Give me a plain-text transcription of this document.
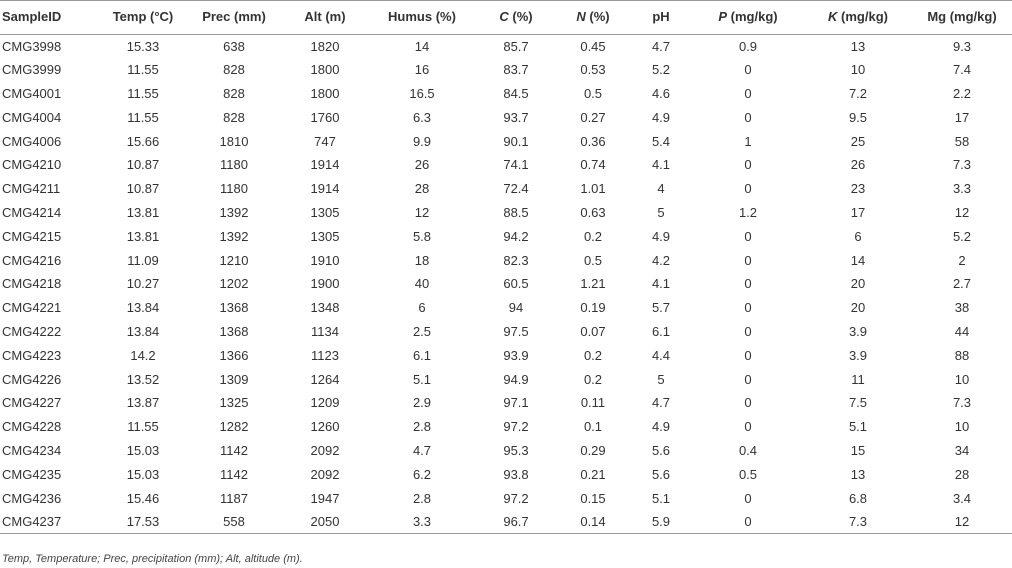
SampleID	Temp (°C)	Prec (mm)	Alt (m)	Humus (%)	C (%)	N (%)	pH	P (mg/kg)	K (mg/kg)	Mg (mg/kg)
CMG3998	15.33	638	1820	14	85.7	0.45	4.7	0.9	13	9.3
CMG3999	11.55	828	1800	16	83.7	0.53	5.2	0	10	7.4
CMG4001	11.55	828	1800	16.5	84.5	0.5	4.6	0	7.2	2.2
CMG4004	11.55	828	1760	6.3	93.7	0.27	4.9	0	9.5	17
CMG4006	15.66	1810	747	9.9	90.1	0.36	5.4	1	25	58
CMG4210	10.87	1180	1914	26	74.1	0.74	4.1	0	26	7.3
CMG4211	10.87	1180	1914	28	72.4	1.01	4	0	23	3.3
CMG4214	13.81	1392	1305	12	88.5	0.63	5	1.2	17	12
CMG4215	13.81	1392	1305	5.8	94.2	0.2	4.9	0	6	5.2
CMG4216	11.09	1210	1910	18	82.3	0.5	4.2	0	14	2
CMG4218	10.27	1202	1900	40	60.5	1.21	4.1	0	20	2.7
CMG4221	13.84	1368	1348	6	94	0.19	5.7	0	20	38
CMG4222	13.84	1368	1134	2.5	97.5	0.07	6.1	0	3.9	44
CMG4223	14.2	1366	1123	6.1	93.9	0.2	4.4	0	3.9	88
CMG4226	13.52	1309	1264	5.1	94.9	0.2	5	0	11	10
CMG4227	13.87	1325	1209	2.9	97.1	0.11	4.7	0	7.5	7.3
CMG4228	11.55	1282	1260	2.8	97.2	0.1	4.9	0	5.1	10
CMG4234	15.03	1142	2092	4.7	95.3	0.29	5.6	0.4	15	34
CMG4235	15.03	1142	2092	6.2	93.8	0.21	5.6	0.5	13	28
CMG4236	15.46	1187	1947	2.8	97.2	0.15	5.1	0	6.8	3.4
CMG4237	17.53	558	2050	3.3	96.7	0.14	5.9	0	7.3	12
Temp, Temperature; Prec, precipitation (mm); Alt, altitude (m).
